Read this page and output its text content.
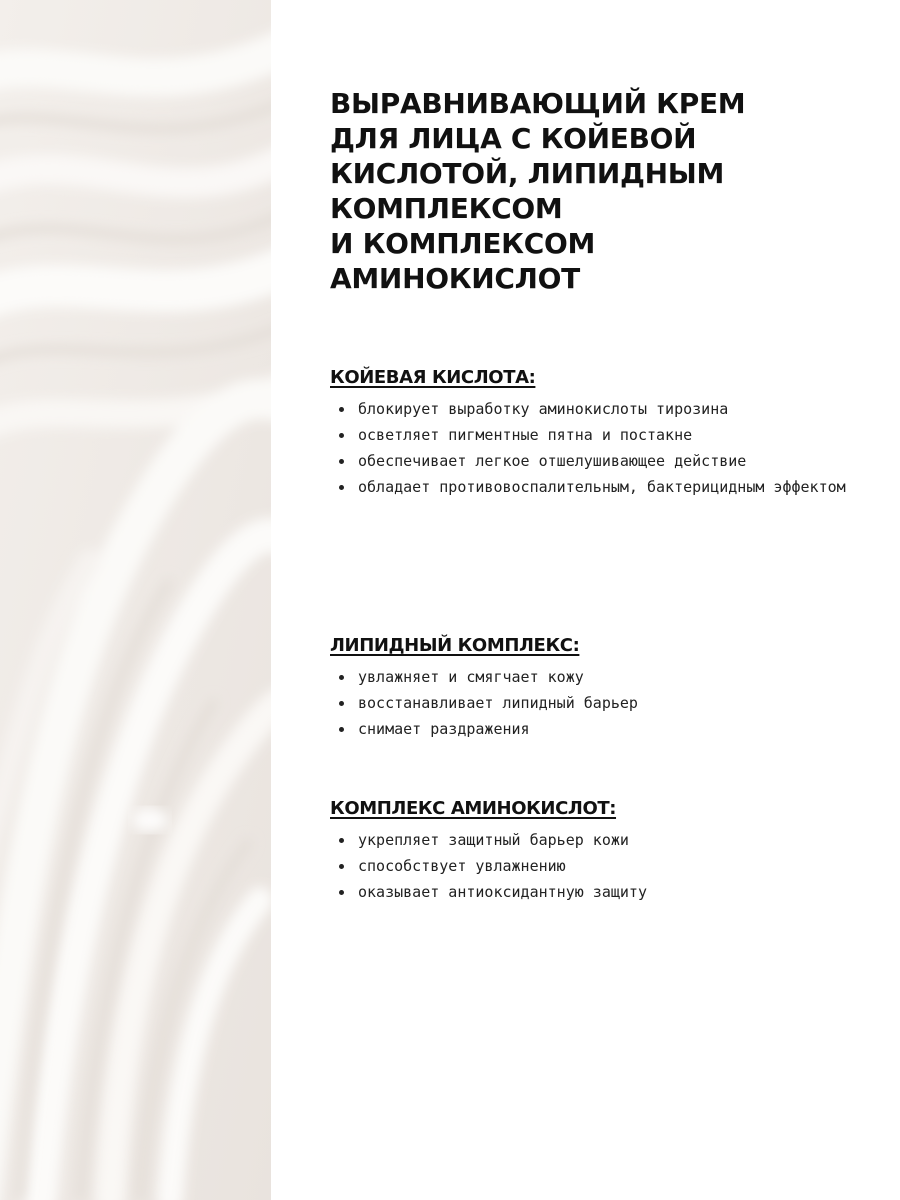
ВЫРАВНИВАЮЩИЙ КРЕМ
ДЛЯ ЛИЦА С КОЙЕВОЙ
КИСЛОТОЙ, ЛИПИДНЫМ
КОМПЛЕКСОМ
И КОМПЛЕКСОМ
АМИНОКИСЛОТ
КОЙЕВАЯ КИСЛОТА:
блокирует выработку аминокислоты тирозина
осветляет пигментные пятна и постакне
обеспечивает легкое отшелушивающее действие
обладает противовоспалительным, бактерицидным эффектом
ЛИПИДНЫЙ КОМПЛЕКС:
увлажняет и смягчает кожу
восстанавливает липидный барьер
снимает раздражения
КОМПЛЕКС АМИНОКИСЛОТ:
укрепляет защитный барьер кожи
способствует увлажнению
оказывает антиоксидантную защиту
